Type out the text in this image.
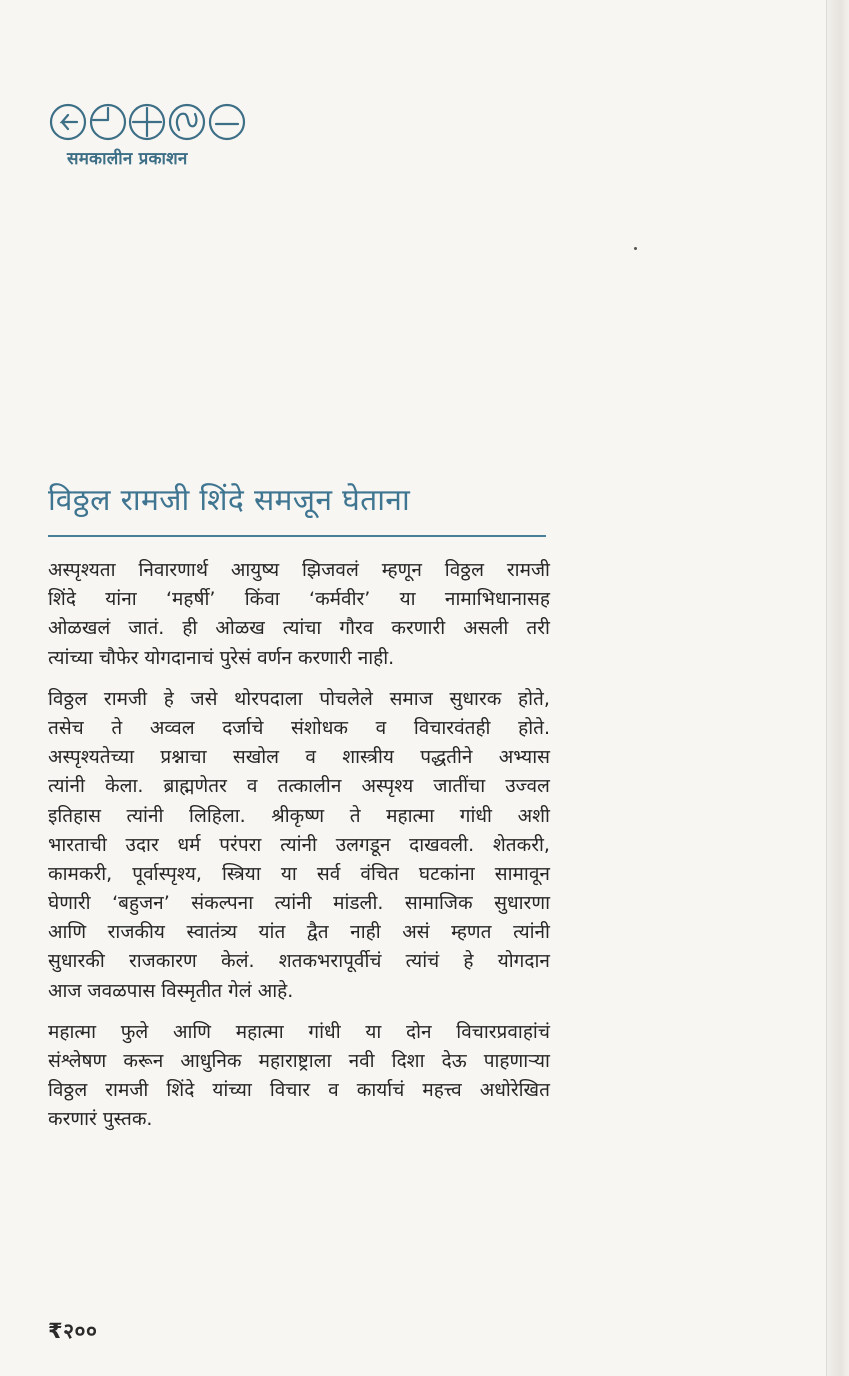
समकालीन प्रकाशन
विठ्ठल रामजी शिंदे समजून घेताना
अस्पृश्यता निवारणार्थ आयुष्य झिजवलं म्हणून विठ्ठल रामजी
शिंदे यांना ‘महर्षी’ किंवा ‘कर्मवीर’ या नामाभिधानासह
ओळखलं जातं. ही ओळख त्यांचा गौरव करणारी असली तरी
त्यांच्या चौफेर योगदानाचं पुरेसं वर्णन करणारी नाही.
विठ्ठल रामजी हे जसे थोरपदाला पोचलेले समाज सुधारक होते,
तसेच ते अव्वल दर्जाचे संशोधक व विचारवंतही होते.
अस्पृश्यतेच्या प्रश्नाचा सखोल व शास्त्रीय पद्धतीने अभ्यास
त्यांनी केला. ब्राह्मणेतर व तत्कालीन अस्पृश्य जातींचा उज्वल
इतिहास त्यांनी लिहिला. श्रीकृष्ण ते महात्मा गांधी अशी
भारताची उदार धर्म परंपरा त्यांनी उलगडून दाखवली. शेतकरी,
कामकरी, पूर्वास्पृश्य, स्त्रिया या सर्व वंचित घटकांना सामावून
घेणारी ‘बहुजन’ संकल्पना त्यांनी मांडली. सामाजिक सुधारणा
आणि राजकीय स्वातंत्र्य यांत द्वैत नाही असं म्हणत त्यांनी
सुधारकी राजकारण केलं. शतकभरापूर्वीचं त्यांचं हे योगदान
आज जवळपास विस्मृतीत गेलं आहे.
महात्मा फुले आणि महात्मा गांधी या दोन विचारप्रवाहांचं
संश्लेषण करून आधुनिक महाराष्ट्राला नवी दिशा देऊ पाहणाऱ्या
विठ्ठल रामजी शिंदे यांच्या विचार व कार्याचं महत्त्व अधोरेखित
करणारं पुस्तक.
₹२००
